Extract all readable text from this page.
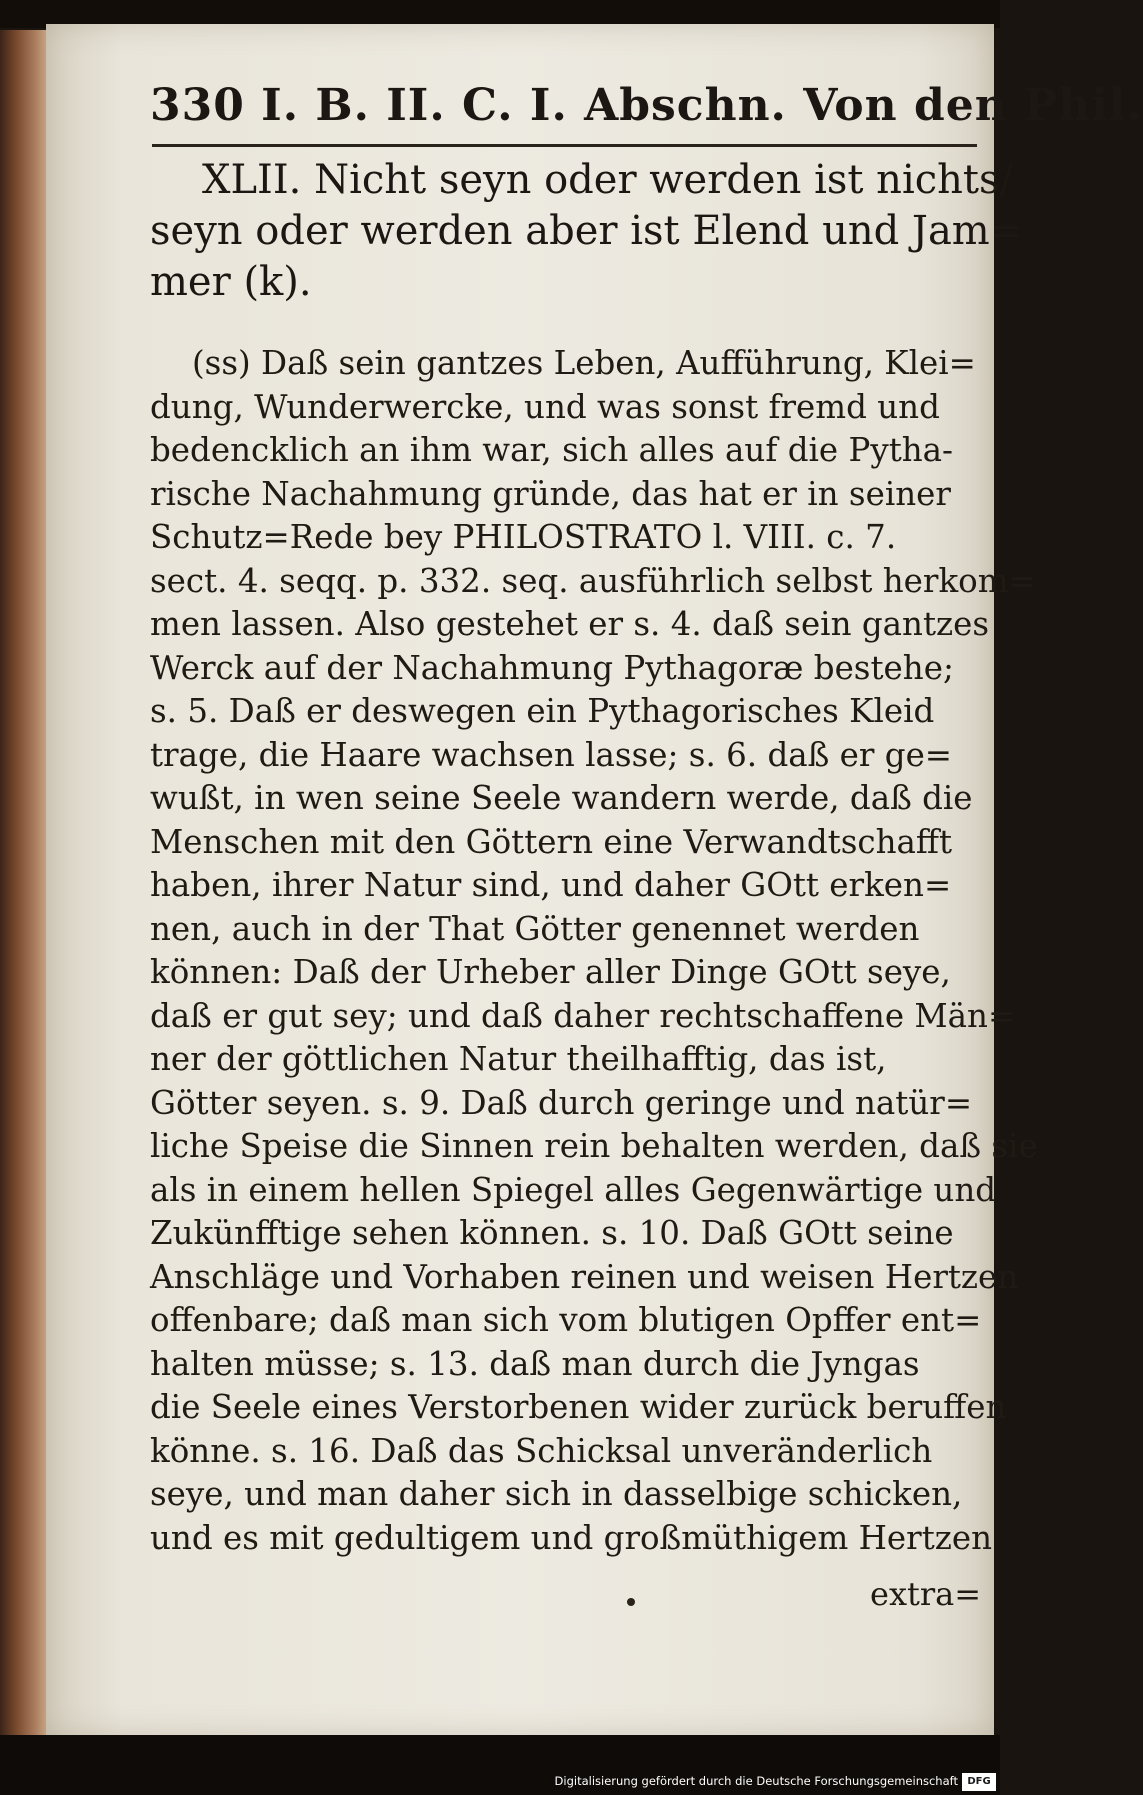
330 I. B. II. C. I. Abschn. Von den Phil.
XLII. Nicht seyn oder werden ist nichts/
seyn oder werden aber ist Elend und Jam=
mer (k).
(ss) Daß sein gantzes Leben, Aufführung, Klei=
dung, Wunderwercke, und was sonst fremd und
bedencklich an ihm war, sich alles auf die Pytha-
rische Nachahmung gründe, das hat er in seiner
Schutz=Rede bey PHILOSTRATO l. VIII. c. 7.
sect. 4. seqq. p. 332. seq. ausführlich selbst herkom=
men lassen. Also gestehet er s. 4. daß sein gantzes
Werck auf der Nachahmung Pythagoræ bestehe;
s. 5. Daß er deswegen ein Pythagorisches Kleid
trage, die Haare wachsen lasse; s. 6. daß er ge=
wußt, in wen seine Seele wandern werde, daß die
Menschen mit den Göttern eine Verwandtschafft
haben, ihrer Natur sind, und daher GOtt erken=
nen, auch in der That Götter genennet werden
können: Daß der Urheber aller Dinge GOtt seye,
daß er gut sey; und daß daher rechtschaffene Män=
ner der göttlichen Natur theilhafftig, das ist,
Götter seyen. s. 9. Daß durch geringe und natür=
liche Speise die Sinnen rein behalten werden, daß sie
als in einem hellen Spiegel alles Gegenwärtige und
Zukünfftige sehen können. s. 10. Daß GOtt seine
Anschläge und Vorhaben reinen und weisen Hertzen
offenbare; daß man sich vom blutigen Opffer ent=
halten müsse; s. 13. daß man durch die Jyngas
die Seele eines Verstorbenen wider zurück beruffen
könne. s. 16. Daß das Schicksal unveränderlich
seye, und man daher sich in dasselbige schicken,
und es mit gedultigem und großmüthigem Hertzen
extra=
Digitalisierung gefördert durch die Deutsche Forschungsgemeinschaft DFG
